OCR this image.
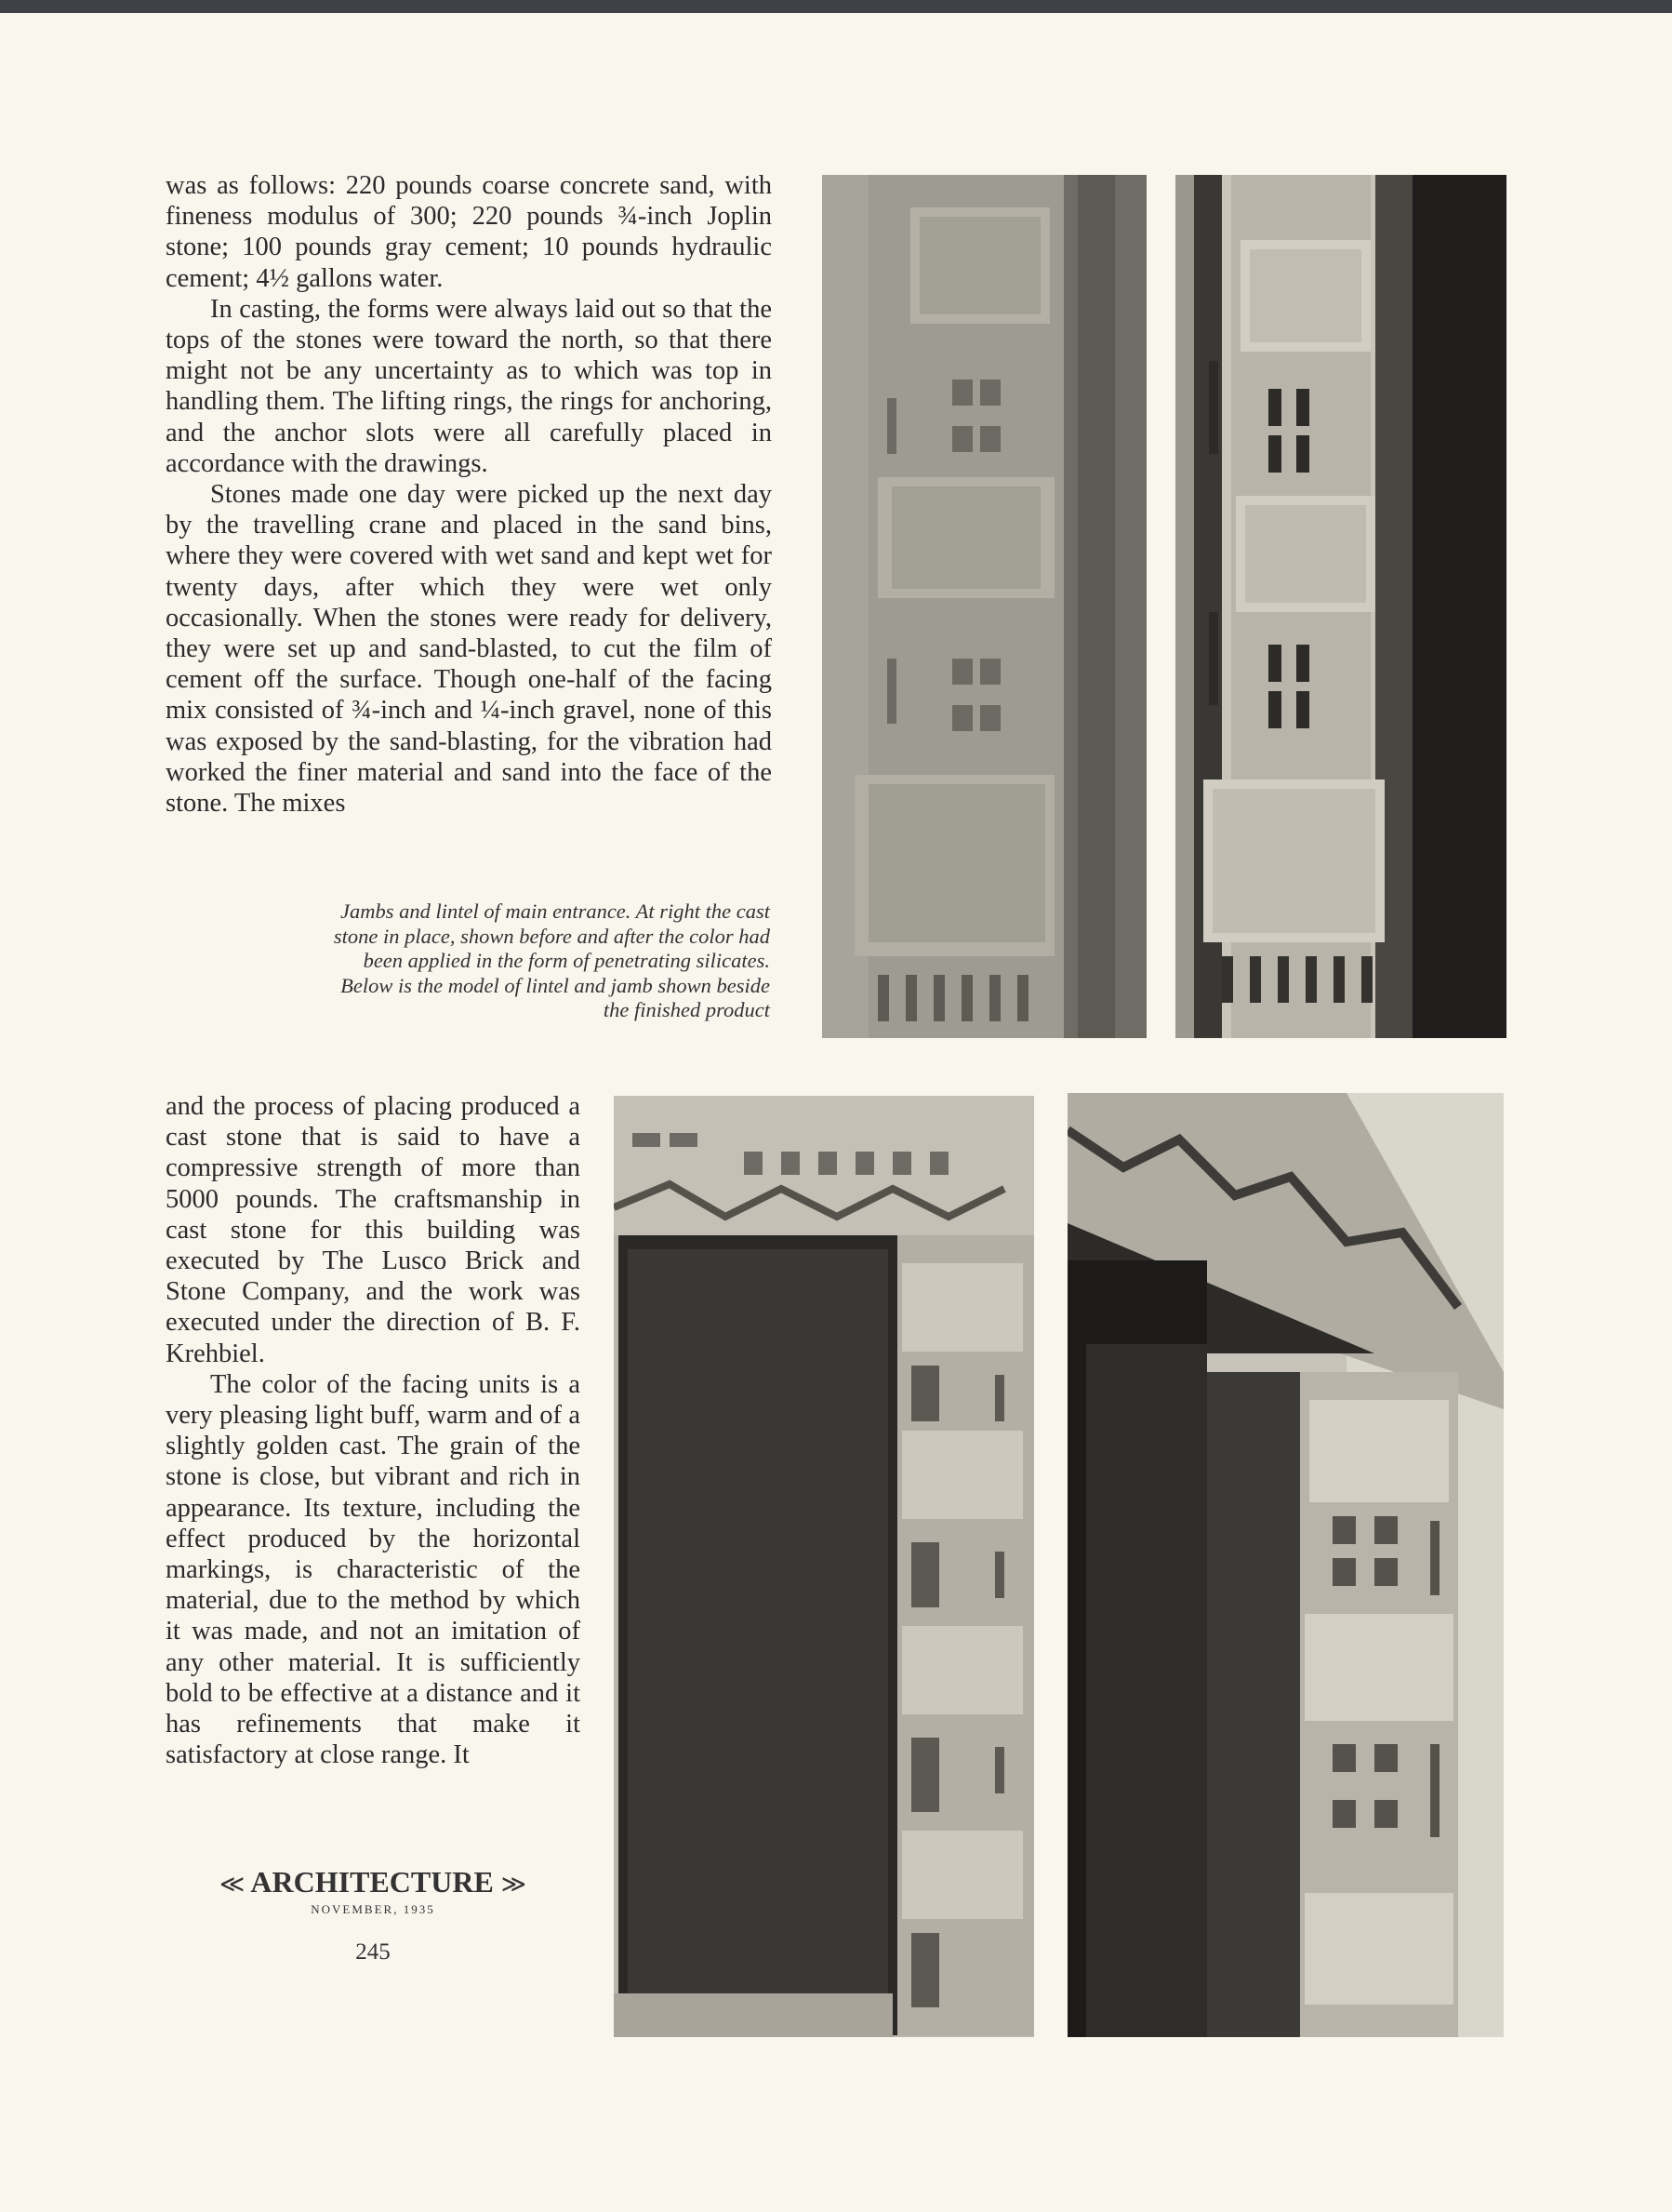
was as follows: 220 pounds coarse concrete sand, with fineness modulus of 300; 220 pounds ¾-inch Joplin stone; 100 pounds gray cement; 10 pounds hydraulic cement; 4½ gallons water.

In casting, the forms were always laid out so that the tops of the stones were toward the north, so that there might not be any uncertainty as to which was top in handling them. The lifting rings, the rings for anchoring, and the anchor slots were all carefully placed in accordance with the drawings.

Stones made one day were picked up the next day by the travelling crane and placed in the sand bins, where they were covered with wet sand and kept wet for twenty days, after which they were wet only occasionally. When the stones were ready for delivery, they were set up and sand-blasted, to cut the film of cement off the surface. Though one-half of the facing mix consisted of ¾-inch and ¼-inch gravel, none of this was exposed by the sand-blasting, for the vibration had worked the finer material and sand into the face of the stone. The mixes

Jambs and lintel of main entrance. At right the cast stone in place, shown before and after the color had been applied in the form of penetrating silicates. Below is the model of lintel and jamb shown beside the finished product

and the process of placing produced a cast stone that is said to have a compressive strength of more than 5000 pounds. The craftsmanship in cast stone for this building was executed by The Lusco Brick and Stone Company, and the work was executed under the direction of B. F. Krehbiel.

The color of the facing units is a very pleasing light buff, warm and of a slightly golden cast. The grain of the stone is close, but vibrant and rich in appearance. Its texture, including the effect produced by the horizontal markings, is characteristic of the material, due to the method by which it was made, and not an imitation of any other material. It is sufficiently bold to be effective at a distance and it has refinements that make it satisfactory at close range. It

≪ ARCHITECTURE ≫
NOVEMBER, 1935
245
